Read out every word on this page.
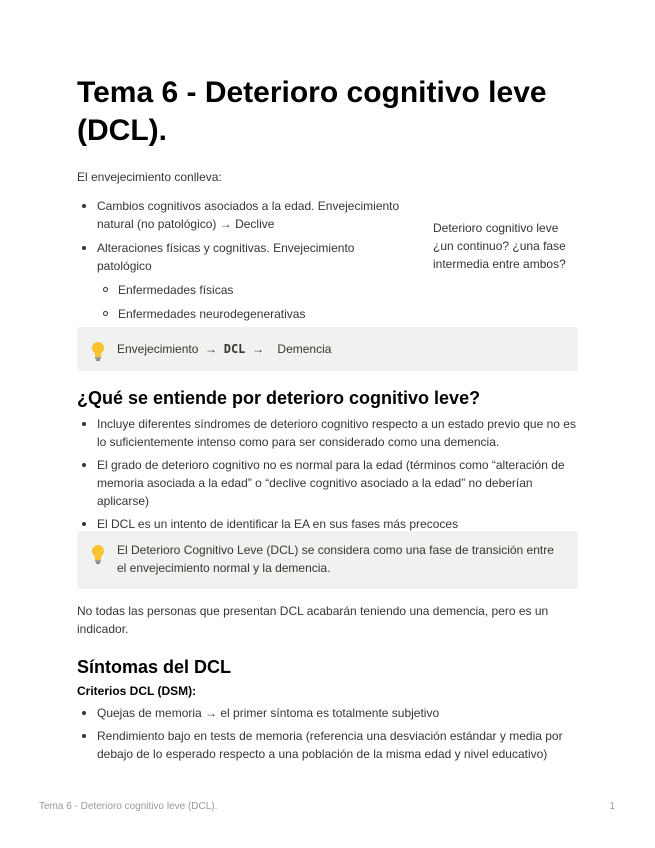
Tema 6 - Deterioro cognitivo leve (DCL).

El envejecimiento conlleva:

Cambios cognitivos asociados a la edad. Envejecimiento natural (no patológico) → Declive
Alteraciones físicas y cognitivas. Envejecimiento patológico
Enfermedades físicas
Enfermedades neurodegenerativas

Deterioro cognitivo leve ¿un continuo? ¿una fase intermedia entre ambos?

Envejecimiento  →  DCL  →    Demencia
¿Qué se entiende por deterioro cognitivo leve?
Incluye diferentes síndromes de deterioro cognitivo respecto a un estado previo que no es lo suficientemente intenso como para ser considerado como una demencia.
El grado de deterioro cognitivo no es normal para la edad (términos como “alteración de memoria asociada a la edad” o “declive cognitivo asociado a la edad” no deberían aplicarse)
El DCL es un intento de identificar la EA en sus fases más precoces
El Deterioro Cognitivo Leve (DCL) se considera como una fase de transición entre el envejecimiento normal y la demencia.

No todas las personas que presentan DCL acabarán teniendo una demencia, pero es un indicador.

Síntomas del DCL

Criterios DCL (DSM):

Quejas de memoria → el primer síntoma es totalmente subjetivo
Rendimiento bajo en tests de memoria (referencia una desviación estándar y media por debajo de lo esperado respecto a una población de la misma edad y nivel educativo)
Tema 6 - Deterioro cognitivo leve (DCL).	1
